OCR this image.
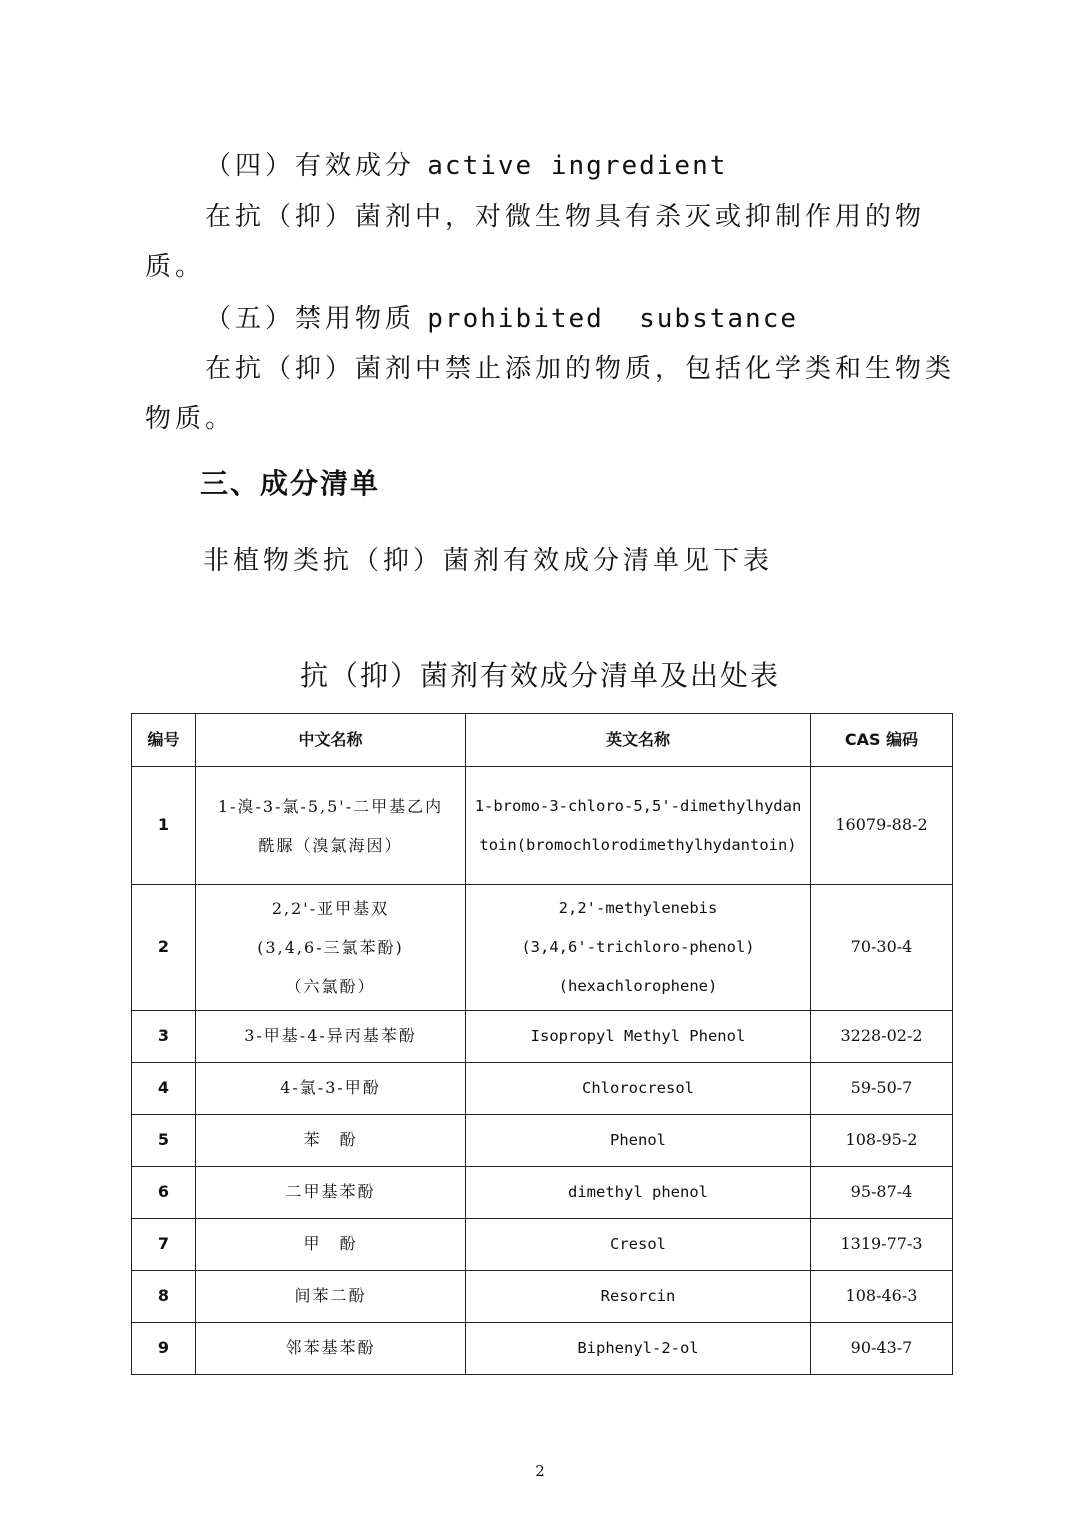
（四）有效成分 active ingredient

在抗（抑）菌剂中，对微生物具有杀灭或抑制作用的物

质。

（五）禁用物质 prohibited  substance

在抗（抑）菌剂中禁止添加的物质，包括化学类和生物类

物质。

三、成分清单

非植物类抗（抑）菌剂有效成分清单见下表

抗（抑）菌剂有效成分清单及出处表
编号	中文名称	英文名称	CAS 编码
1	1-溴-3-氯-5,5'-二甲基乙内
酰脲（溴氯海因）	1-bromo-3-chloro-5,5'-dimethylhydantoin(bromochlorodimethylhydantoin)	16079-88-2
2	2,2'-亚甲基双
(3,4,6-三氯苯酚)
（六氯酚）	2,2'-methylenebis
(3,4,6'-trichloro-phenol)
(hexachlorophene)	70-30-4
3	3-甲基-4-异丙基苯酚	Isopropyl Methyl Phenol	3228-02-2
4	4-氯-3-甲酚	Chlorocresol	59-50-7
5	苯　酚	Phenol	108-95-2
6	二甲基苯酚	dimethyl phenol	95-87-4
7	甲　酚	Cresol	1319-77-3
8	间苯二酚	Resorcin	108-46-3
9	邻苯基苯酚	Biphenyl-2-ol	90-43-7

2
